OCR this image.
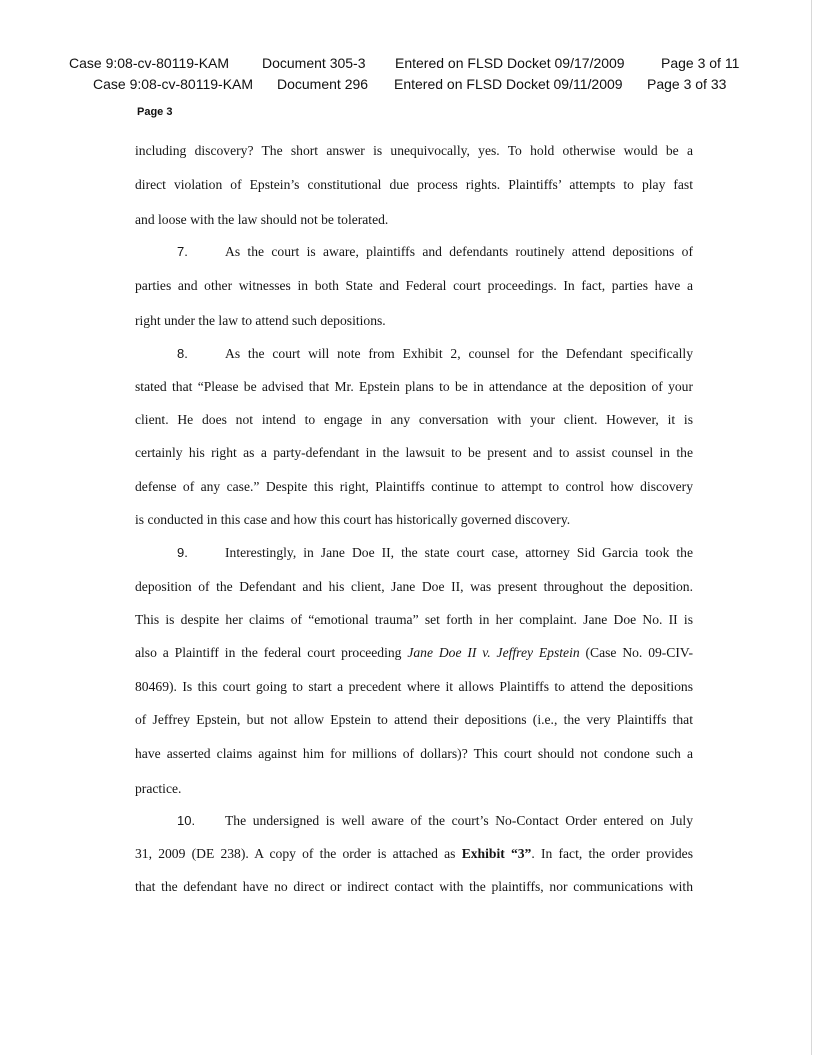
Case 9:08-cv-80119-KAM Document 305-3 Entered on FLSD Docket 09/17/2009	Page 3 of 11
Case 9:08-cv-80119-KAM Document 296 Entered on FLSD Docket 09/11/2009 Page 3 of 33
Page 3
including discovery? The short answer is unequivocally, yes. To hold otherwise would be a
direct violation of Epstein’s constitutional due process rights. Plaintiffs’ attempts to play fast
and loose with the law should not be tolerated.
7.	As the court is aware, plaintiffs and defendants routinely attend depositions of
parties and other witnesses in both State and Federal court proceedings. In fact, parties have a
right under the law to attend such depositions.
8.	As the court will note from Exhibit 2, counsel for the Defendant specifically
stated that “Please be advised that Mr. Epstein plans to be in attendance at the deposition of your
client. He does not intend to engage in any conversation with your client. However, it is
certainly his right as a party-defendant in the lawsuit to be present and to assist counsel in the
defense of any case.” Despite this right, Plaintiffs continue to attempt to control how discovery
is conducted in this case and how this court has historically governed discovery.
9.	Interestingly, in Jane Doe II, the state court case, attorney Sid Garcia took the
deposition of the Defendant and his client, Jane Doe II, was present throughout the deposition.
This is despite her claims of “emotional trauma” set forth in her complaint. Jane Doe No. II is
also a Plaintiff in the federal court proceeding Jane Doe II v. Jeffrey Epstein (Case No. 09-CIV-
80469). Is this court going to start a precedent where it allows Plaintiffs to attend the depositions
of Jeffrey Epstein, but not allow Epstein to attend their depositions (i.e., the very Plaintiffs that
have asserted claims against him for millions of dollars)? This court should not condone such a
practice.
10. The undersigned is well aware of the court’s No-Contact Order entered on July
31, 2009 (DE 238). A copy of the order is attached as Exhibit “3”. In fact, the order provides
that the defendant have no direct or indirect contact with the plaintiffs, nor communications with
